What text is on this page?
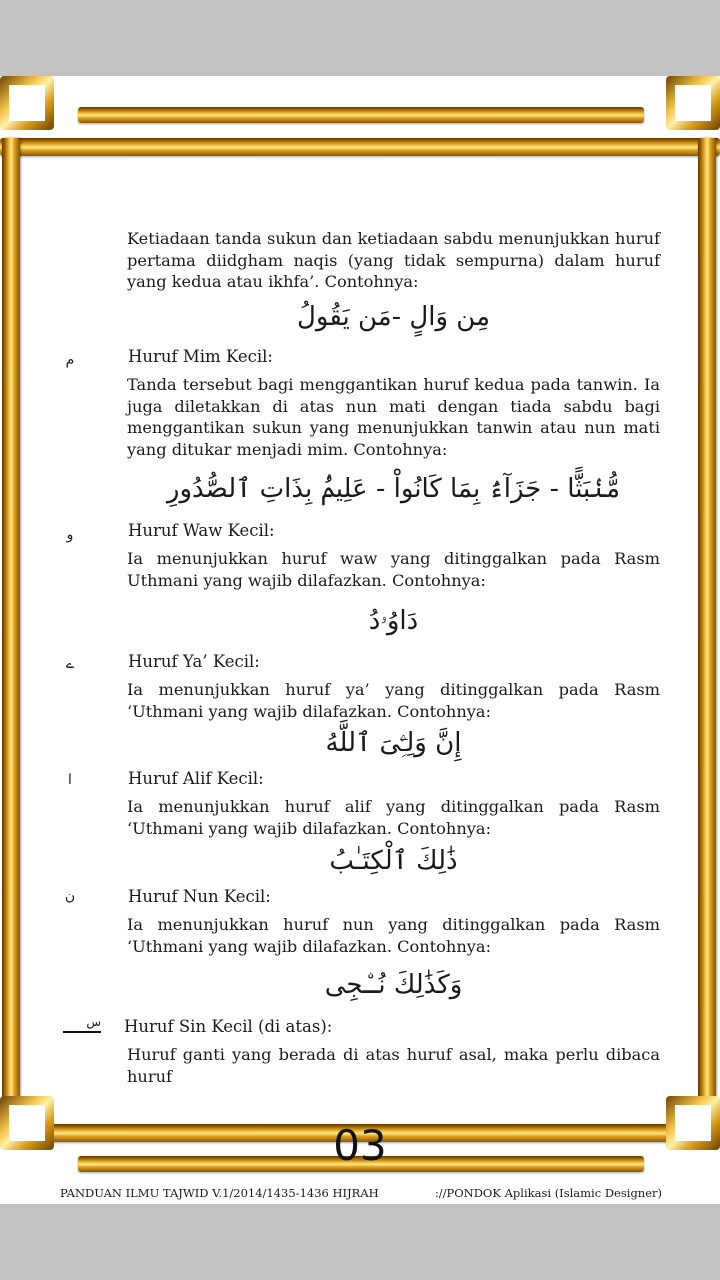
Ketiadaan tanda sukun dan ketiadaan sabdu menunjukkan huruf pertama diidgham naqis (yang tidak sempurna) dalam huruf yang kedua atau ikhfa’. Contohnya:

مِن وَالٍ -مَن يَقُولُ

م	Huruf Mim Kecil:

Tanda tersebut bagi menggantikan huruf kedua pada tanwin. Ia juga diletakkan di atas nun mati dengan tiada sabdu bagi menggantikan sukun yang menunjukkan tanwin atau nun mati yang ditukar menjadi mim. Contohnya:

مُّنۢبَثًّا - جَزَآءَۢ بِمَا كَانُواْ - عَلِيمُۢ بِذَاتِ ٱلصُّدُورِ

و	Huruf Waw Kecil:

Ia menunjukkan huruf waw yang ditinggalkan pada Rasm Uthmani yang wajib dilafazkan. Contohnya:

دَاوُۥدُ

ے	Huruf Ya’ Kecil:

Ia menunjukkan huruf ya’ yang ditinggalkan pada Rasm ‘Uthmani yang wajib dilafazkan. Contohnya:

إِنَّ وَلِـِّۧىَ ٱللَّهُ

ا	Huruf Alif Kecil:

Ia menunjukkan huruf alif yang ditinggalkan pada Rasm ‘Uthmani yang wajib dilafazkan. Contohnya:

ذَٰلِكَ ٱلْكِتَـٰبُ

ن	Huruf Nun Kecil:

Ia menunjukkan huruf nun yang ditinggalkan pada Rasm ‘Uthmani yang wajib dilafazkan. Contohnya:

وَكَذَٰلِكَ نُـۨجِى

س Huruf Sin Kecil (di atas):

Huruf ganti yang berada di atas huruf asal, maka perlu dibaca huruf

03
PANDUAN ILMU TAJWID V.1/2014/1435-1436 HIJRAH	://PONDOK Aplikasi (Islamic Designer)
